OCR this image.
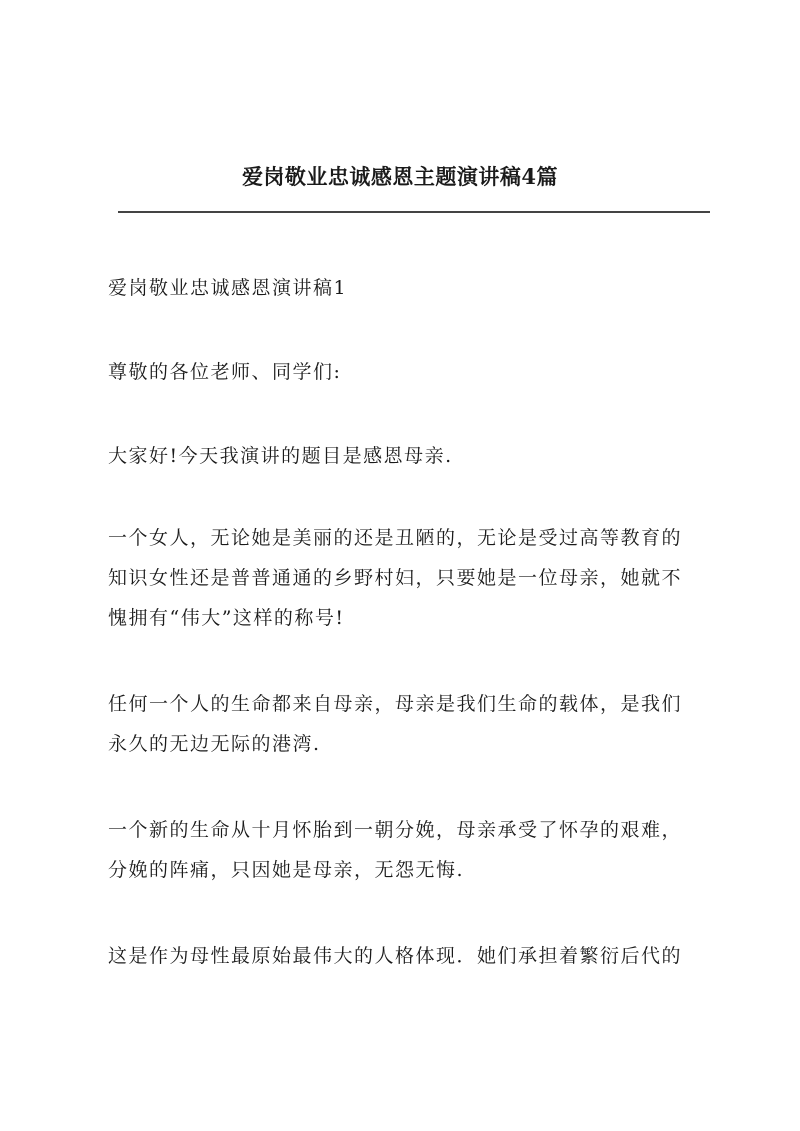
爱岗敬业忠诚感恩主题演讲稿4篇

爱岗敬业忠诚感恩演讲稿1

尊敬的各位老师、同学们:

大家好!今天我演讲的题目是感恩母亲.

一个女人，无论她是美丽的还是丑陋的，无论是受过高等教育的
知识女性还是普普通通的乡野村妇，只要她是一位母亲，她就不
愧拥有“伟大”这样的称号!

任何一个人的生命都来自母亲，母亲是我们生命的载体，是我们
永久的无边无际的港湾.

一个新的生命从十月怀胎到一朝分娩，母亲承受了怀孕的艰难，
分娩的阵痛，只因她是母亲，无怨无悔.

这是作为母性最原始最伟大的人格体现．她们承担着繁衍后代的
